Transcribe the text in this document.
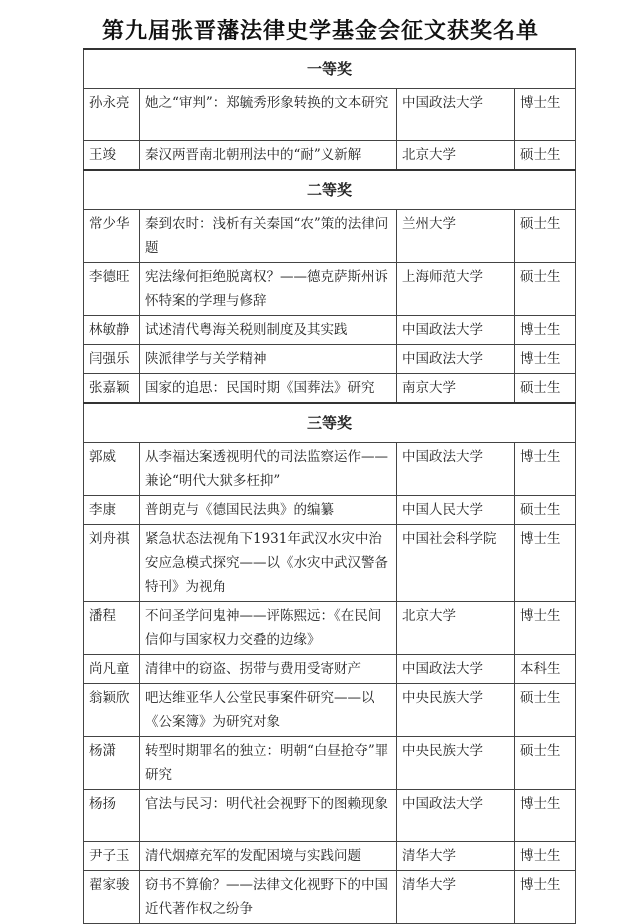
第九届张晋藩法律史学基金会征文获奖名单
一等奖			
孙永亮	她之“审判”：郑毓秀形象转换的文本研究	中国政法大学	博士生
王竣	秦汉两晋南北朝刑法中的“耐”义新解	北京大学	硕士生
二等奖			
常少华	秦到农时：浅析有关秦国“农”策的法律问题	兰州大学	硕士生
李德旺	宪法缘何拒绝脱离权？——德克萨斯州诉怀特案的学理与修辞	上海师范大学	硕士生
林敏静	试述清代粤海关税则制度及其实践	中国政法大学	博士生
闫强乐	陕派律学与关学精神	中国政法大学	博士生
张嘉颖	国家的追思：民国时期《国葬法》研究	南京大学	硕士生
三等奖			
郭威	从李福达案透视明代的司法监察运作——兼论“明代大狱多枉抑”	中国政法大学	博士生
李康	普朗克与《德国民法典》的编纂	中国人民大学	硕士生
刘舟祺	紧急状态法视角下1931年武汉水灾中治安应急模式探究——以《水灾中武汉警备特刊》为视角	中国社会科学院	博士生
潘程	不问圣学问鬼神——评陈熙远：《在民间信仰与国家权力交叠的边缘》	北京大学	博士生
尚凡童	清律中的窃盗、拐带与费用受寄财产	中国政法大学	本科生
翁颖欣	吧达维亚华人公堂民事案件研究——以《公案簿》为研究对象	中央民族大学	硕士生
杨潇	转型时期罪名的独立：明朝“白昼抢夺”罪研究	中央民族大学	硕士生
杨扬	官法与民习：明代社会视野下的图赖现象	中国政法大学	博士生
尹子玉	清代烟瘴充军的发配困境与实践问题	清华大学	博士生
翟家骏	窃书不算偷？——法律文化视野下的中国近代著作权之纷争	清华大学	博士生
